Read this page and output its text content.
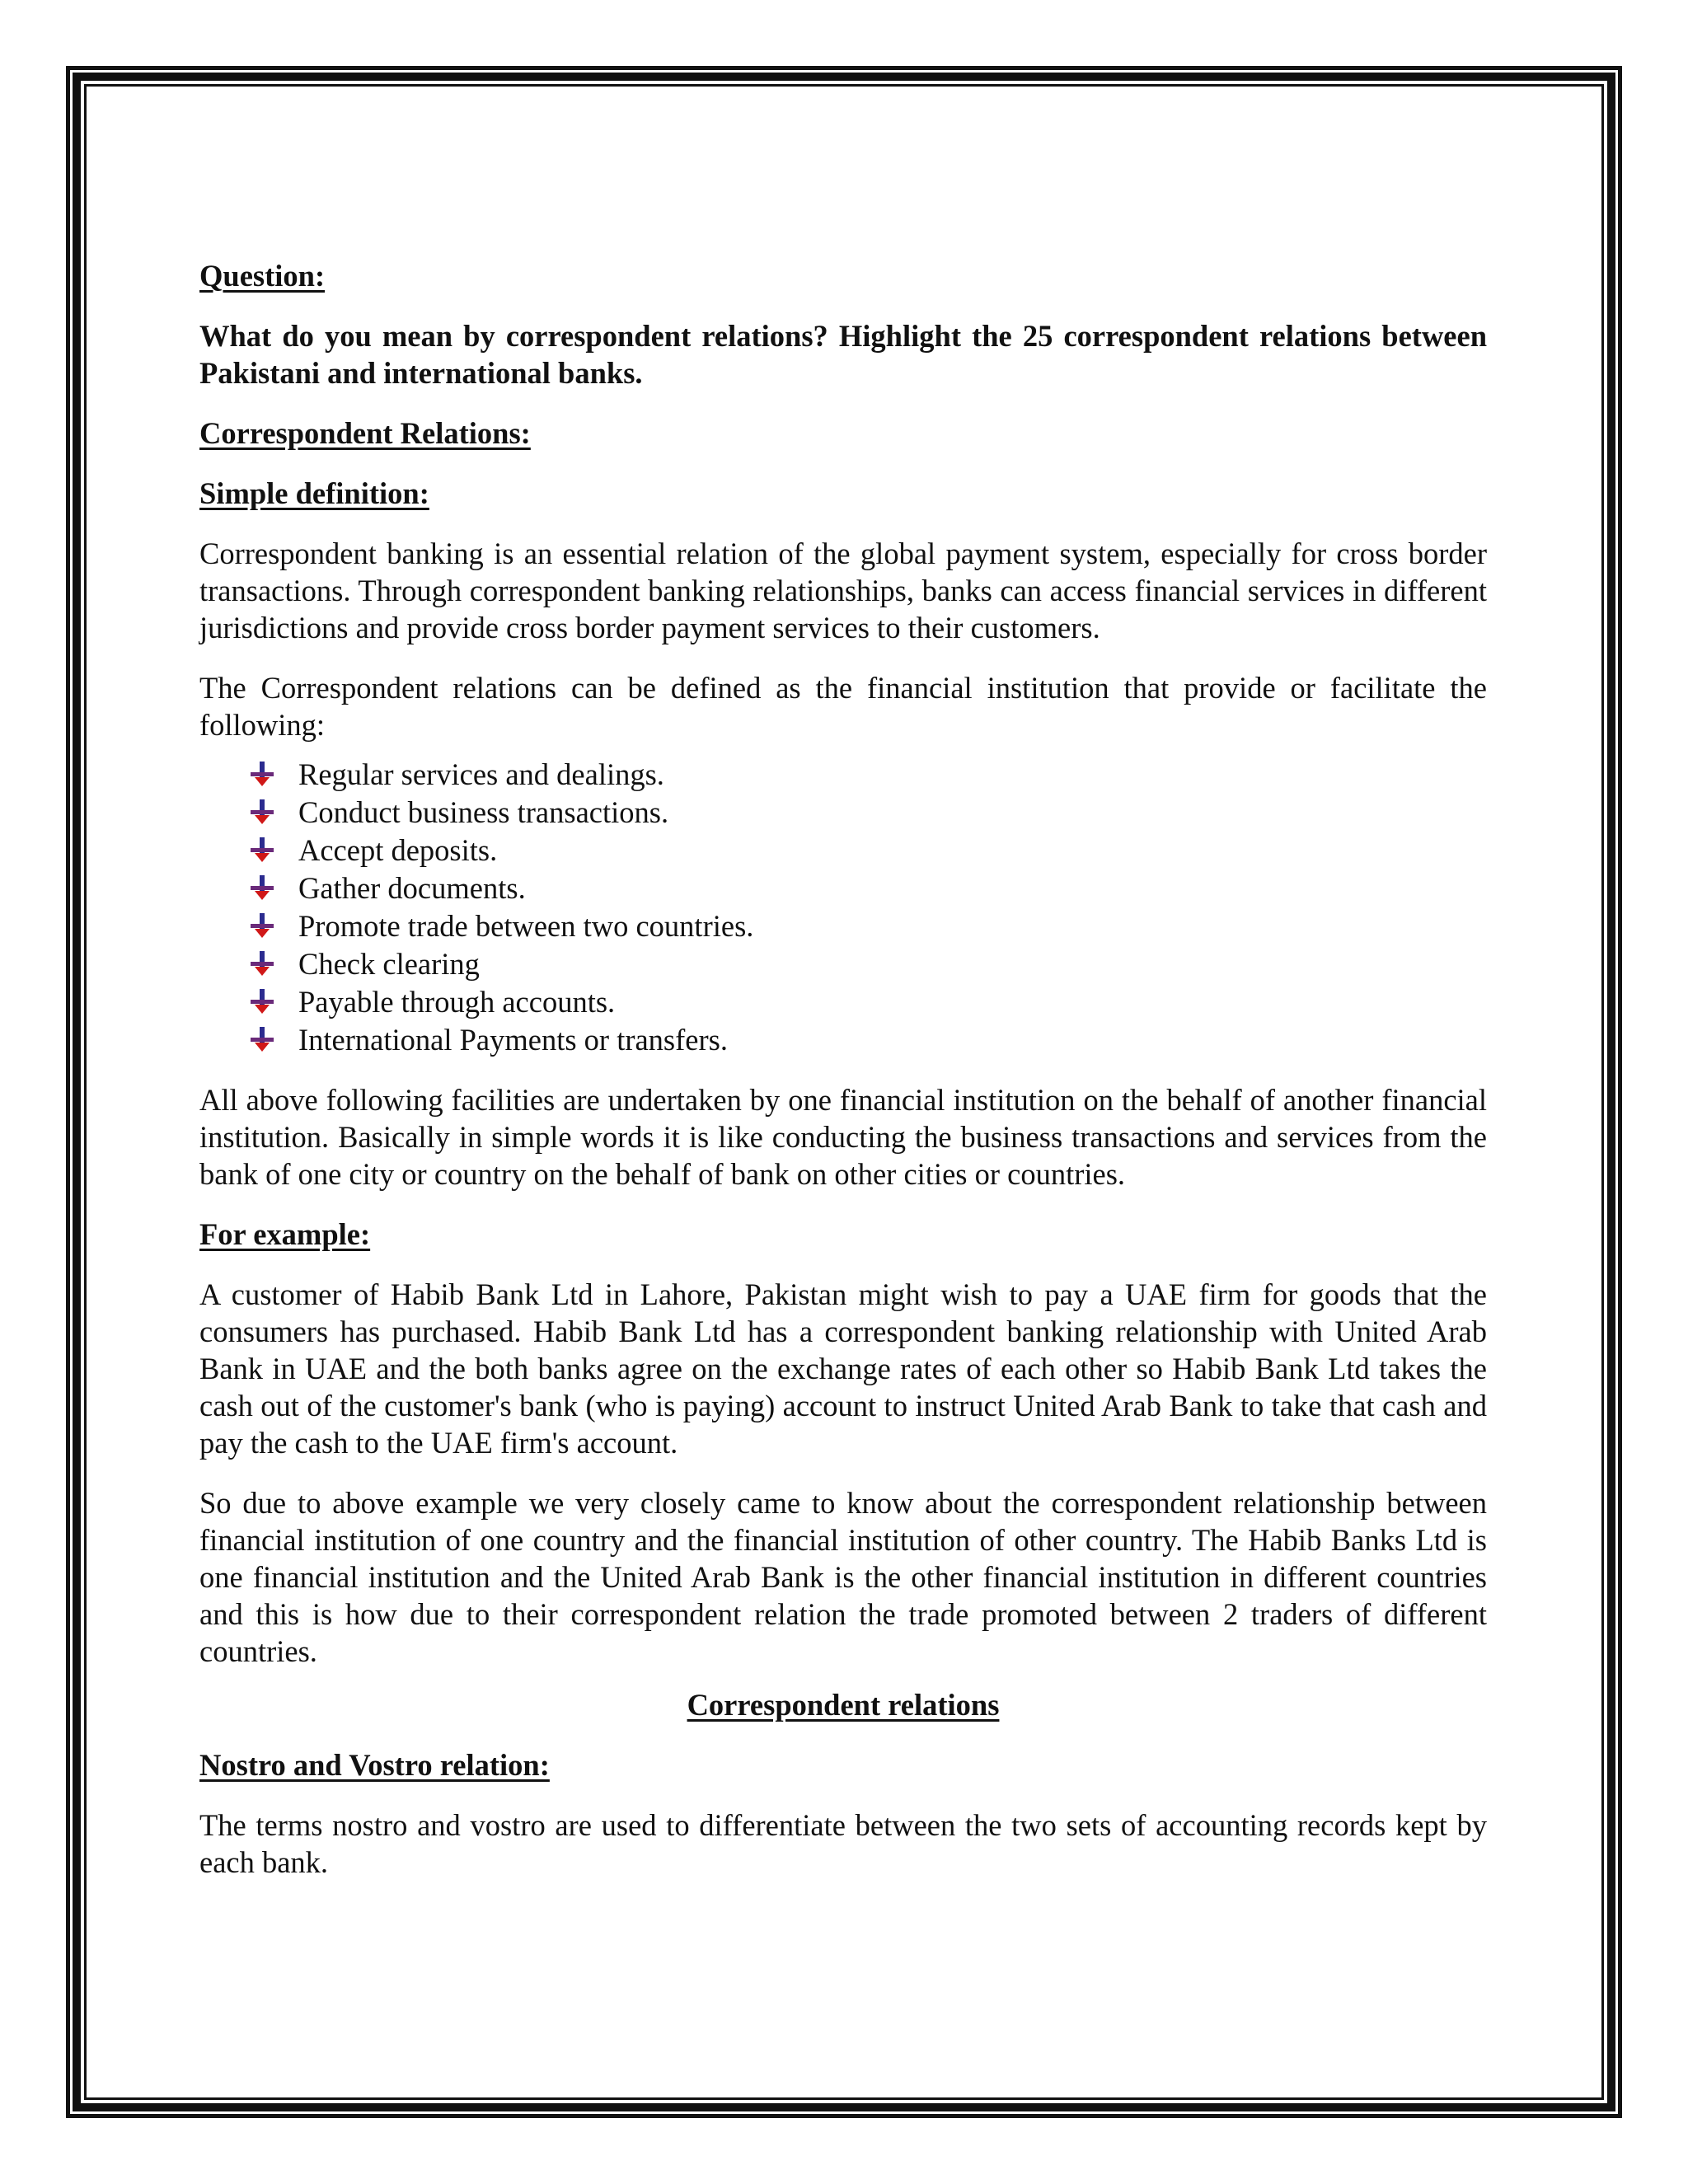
Question:
What do you mean by correspondent relations? Highlight the 25 correspondent relations between Pakistani and international banks.
Correspondent Relations:
Simple definition:
Correspondent banking is an essential relation of the global payment system, especially for cross border transactions. Through correspondent banking relationships, banks can access financial services in different jurisdictions and provide cross border payment services to their customers.
The Correspondent relations can be defined as the financial institution that provide or facilitate the following:
Regular services and dealings.
Conduct business transactions.
Accept deposits.
Gather documents.
Promote trade between two countries.
Check clearing
Payable through accounts.
International Payments or transfers.
All above following facilities are undertaken by one financial institution on the behalf of another financial institution. Basically in simple words it is like conducting the business transactions and services from the bank of one city or country on the behalf of bank on other cities or countries.
For example:
A customer of Habib Bank Ltd in Lahore, Pakistan might wish to pay a UAE firm for goods that the consumers has purchased. Habib Bank Ltd has a correspondent banking relationship with United Arab Bank in UAE and the both banks agree on the exchange rates of each other so Habib Bank Ltd takes the cash out of the customer's bank (who is paying) account to instruct United Arab Bank to take that cash and pay the cash to the UAE firm's account.
So due to above example we very closely came to know about the correspondent relationship between financial institution of one country and the financial institution of other country. The Habib Banks Ltd is one financial institution and the United Arab Bank is the other financial institution in different countries and this is how due to their correspondent relation the trade promoted between 2 traders of different countries.
Correspondent relations
Nostro and Vostro relation:
The terms nostro and vostro are used to differentiate between the two sets of accounting records kept by each bank.
